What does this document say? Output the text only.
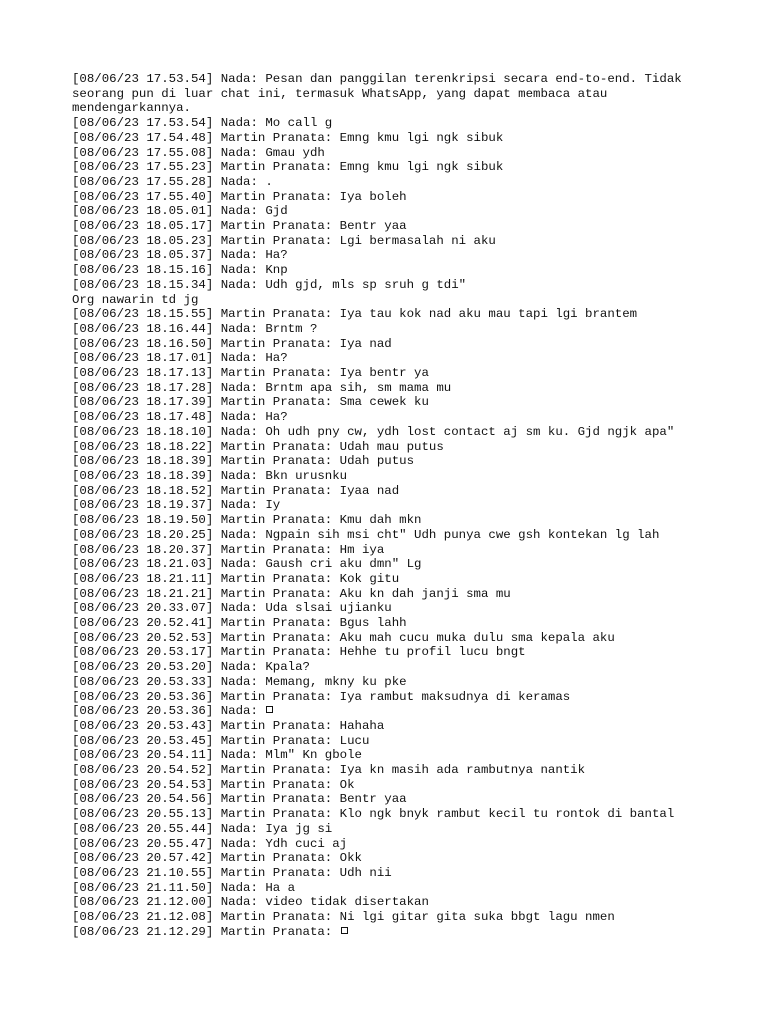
[08/06/23 17.53.54] Nada: Pesan dan panggilan terenkripsi secara end-to-end. Tidak
seorang pun di luar chat ini, termasuk WhatsApp, yang dapat membaca atau
mendengarkannya.
[08/06/23 17.53.54] Nada: Mo call g
[08/06/23 17.54.48] Martin Pranata: Emng kmu lgi ngk sibuk
[08/06/23 17.55.08] Nada: Gmau ydh
[08/06/23 17.55.23] Martin Pranata: Emng kmu lgi ngk sibuk
[08/06/23 17.55.28] Nada: .
[08/06/23 17.55.40] Martin Pranata: Iya boleh
[08/06/23 18.05.01] Nada: Gjd
[08/06/23 18.05.17] Martin Pranata: Bentr yaa
[08/06/23 18.05.23] Martin Pranata: Lgi bermasalah ni aku
[08/06/23 18.05.37] Nada: Ha?
[08/06/23 18.15.16] Nada: Knp
[08/06/23 18.15.34] Nada: Udh gjd, mls sp sruh g tdi"
Org nawarin td jg
[08/06/23 18.15.55] Martin Pranata: Iya tau kok nad aku mau tapi lgi brantem
[08/06/23 18.16.44] Nada: Brntm ?
[08/06/23 18.16.50] Martin Pranata: Iya nad
[08/06/23 18.17.01] Nada: Ha?
[08/06/23 18.17.13] Martin Pranata: Iya bentr ya
[08/06/23 18.17.28] Nada: Brntm apa sih, sm mama mu
[08/06/23 18.17.39] Martin Pranata: Sma cewek ku
[08/06/23 18.17.48] Nada: Ha?
[08/06/23 18.18.10] Nada: Oh udh pny cw, ydh lost contact aj sm ku. Gjd ngjk apa"
[08/06/23 18.18.22] Martin Pranata: Udah mau putus
[08/06/23 18.18.39] Martin Pranata: Udah putus
[08/06/23 18.18.39] Nada: Bkn urusnku
[08/06/23 18.18.52] Martin Pranata: Iyaa nad
[08/06/23 18.19.37] Nada: Iy
[08/06/23 18.19.50] Martin Pranata: Kmu dah mkn
[08/06/23 18.20.25] Nada: Ngpain sih msi cht" Udh punya cwe gsh kontekan lg lah
[08/06/23 18.20.37] Martin Pranata: Hm iya
[08/06/23 18.21.03] Nada: Gaush cri aku dmn" Lg
[08/06/23 18.21.11] Martin Pranata: Kok gitu
[08/06/23 18.21.21] Martin Pranata: Aku kn dah janji sma mu
[08/06/23 20.33.07] Nada: Uda slsai ujianku
[08/06/23 20.52.41] Martin Pranata: Bgus lahh
[08/06/23 20.52.53] Martin Pranata: Aku mah cucu muka dulu sma kepala aku
[08/06/23 20.53.17] Martin Pranata: Hehhe tu profil lucu bngt
[08/06/23 20.53.20] Nada: Kpala?
[08/06/23 20.53.33] Nada: Memang, mkny ku pke
[08/06/23 20.53.36] Martin Pranata: Iya rambut maksudnya di keramas
[08/06/23 20.53.36] Nada:
[08/06/23 20.53.43] Martin Pranata: Hahaha
[08/06/23 20.53.45] Martin Pranata: Lucu
[08/06/23 20.54.11] Nada: Mlm" Kn gbole
[08/06/23 20.54.52] Martin Pranata: Iya kn masih ada rambutnya nantik
[08/06/23 20.54.53] Martin Pranata: Ok
[08/06/23 20.54.56] Martin Pranata: Bentr yaa
[08/06/23 20.55.13] Martin Pranata: Klo ngk bnyk rambut kecil tu rontok di bantal
[08/06/23 20.55.44] Nada: Iya jg si
[08/06/23 20.55.47] Nada: Ydh cuci aj
[08/06/23 20.57.42] Martin Pranata: Okk
[08/06/23 21.10.55] Martin Pranata: Udh nii
[08/06/23 21.11.50] Nada: Ha a
[08/06/23 21.12.00] Nada: video tidak disertakan
[08/06/23 21.12.08] Martin Pranata: Ni lgi gitar gita suka bbgt lagu nmen
[08/06/23 21.12.29] Martin Pranata:
